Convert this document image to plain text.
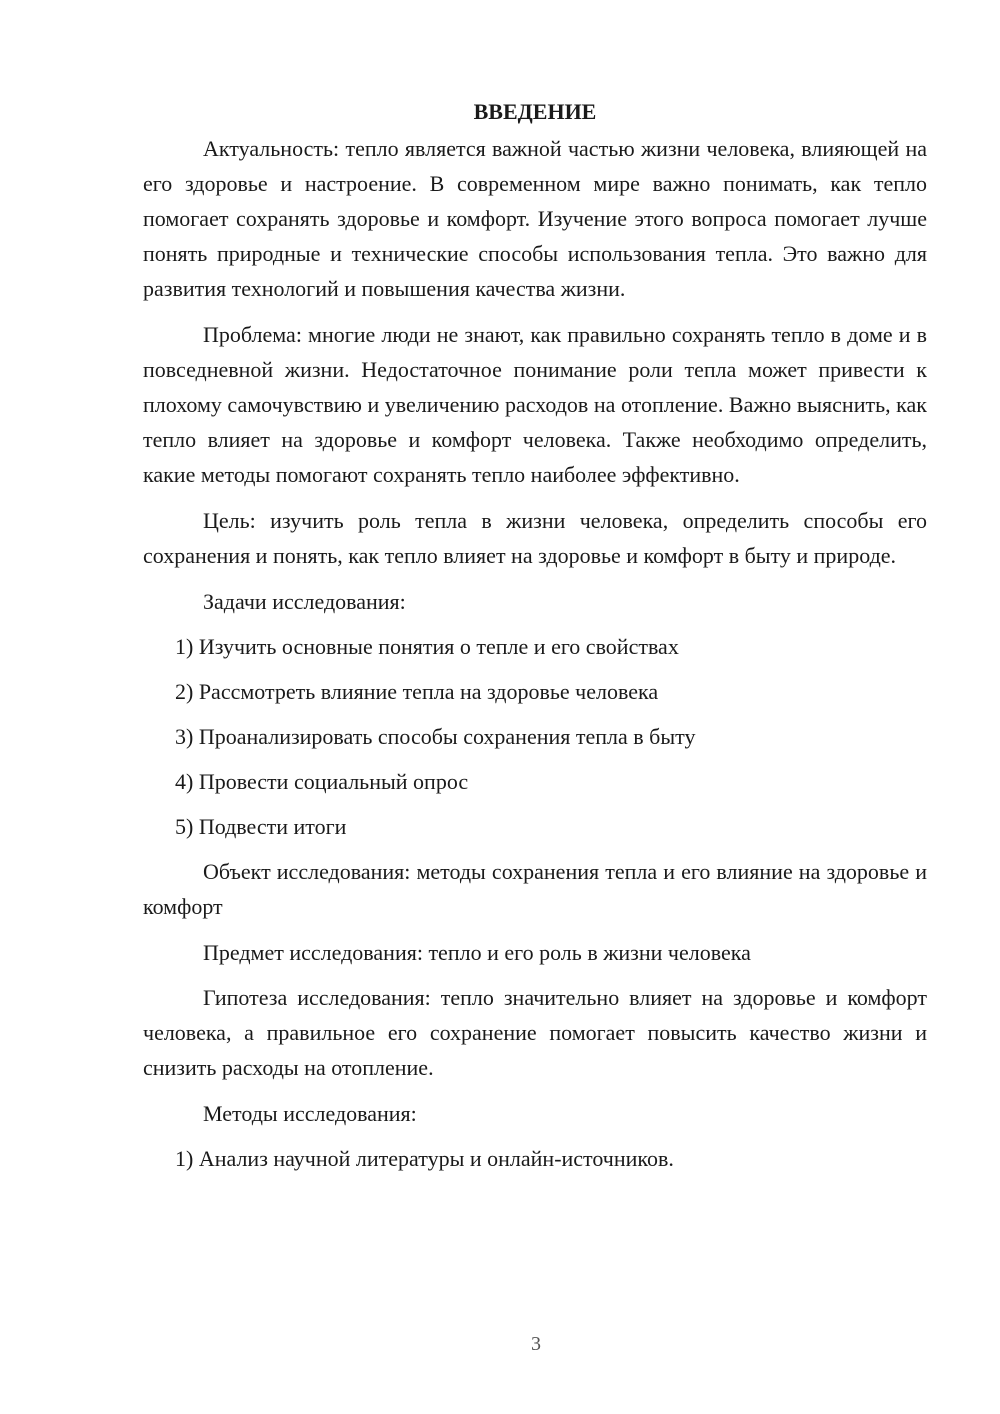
ВВЕДЕНИЕ

Актуальность: тепло является важной частью жизни человека, влияющей на его здоровье и настроение. В современном мире важно понимать, как тепло помогает сохранять здоровье и комфорт. Изучение этого вопроса помогает лучше понять природные и технические способы использования тепла. Это важно для развития технологий и повышения качества жизни.

Проблема: многие люди не знают, как правильно сохранять тепло в доме и в повседневной жизни. Недостаточное понимание роли тепла может привести к плохому самочувствию и увеличению расходов на отопление. Важно выяснить, как тепло влияет на здоровье и комфорт человека. Также необходимо определить, какие методы помогают сохранять тепло наиболее эффективно.

Цель: изучить роль тепла в жизни человека, определить способы его сохранения и понять, как тепло влияет на здоровье и комфорт в быту и природе.

Задачи исследования:

1) Изучить основные понятия о тепле и его свойствах
2) Рассмотреть влияние тепла на здоровье человека
3) Проанализировать способы сохранения тепла в быту
4) Провести социальный опрос
5) Подвести итоги

Объект исследования: методы сохранения тепла и его влияние на здоровье и комфорт

Предмет исследования: тепло и его роль в жизни человека

Гипотеза исследования: тепло значительно влияет на здоровье и комфорт человека, а правильное его сохранение помогает повысить качество жизни и снизить расходы на отопление.

Методы исследования:

1) Анализ научной литературы и онлайн-источников.
3
